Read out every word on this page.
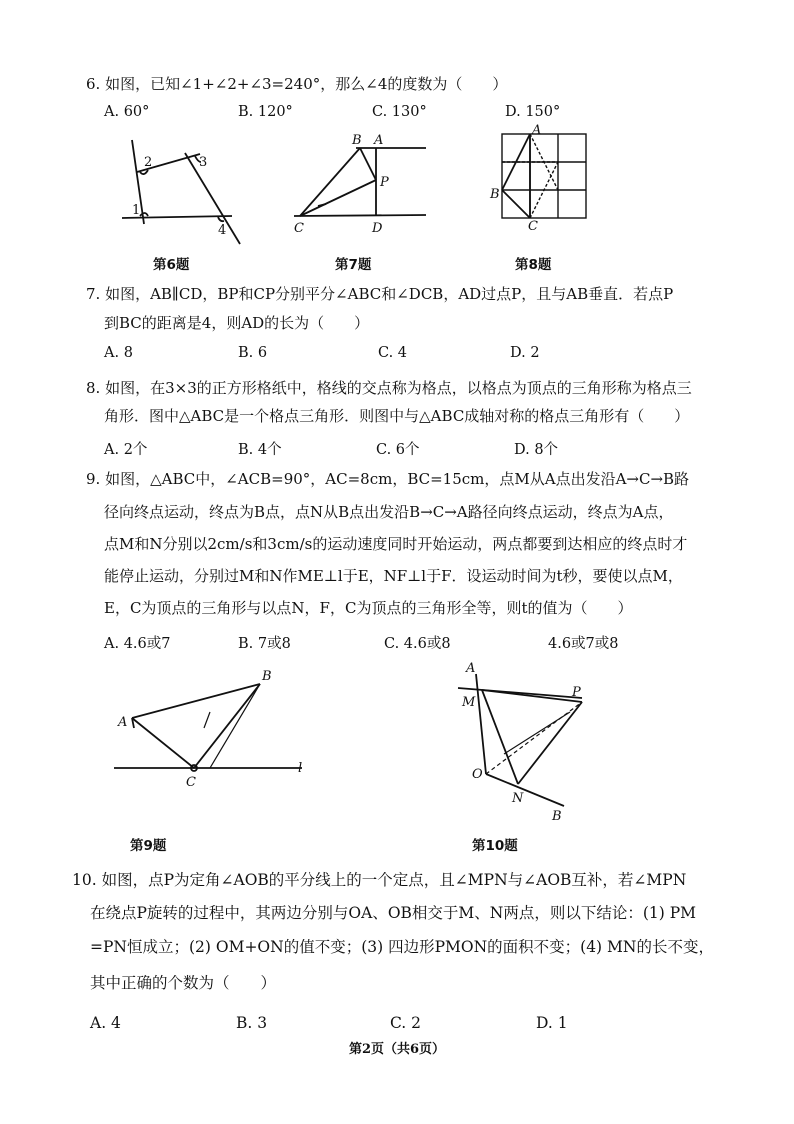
6. 如图，已知∠1+∠2+∠3=240°，那么∠4的度数为（　　）
A. 60°	B. 120°	C. 130°	D. 150°
1
2	3
4
B A
P
C	D
A
B
C
第6题	第7题	第8题
7. 如图，AB∥CD，BP和CP分别平分∠ABC和∠DCB，AD过点P，且与AB垂直．若点P
到BC的距离是4，则AD的长为（　　）
A. 8	B. 6	C. 4	D. 2
8. 如图，在3×3的正方形格纸中，格线的交点称为格点，以格点为顶点的三角形称为格点三
角形．图中△ABC是一个格点三角形．则图中与△ABC成轴对称的格点三角形有（　　）
A. 2个	B. 4个	C. 6个	D. 8个
9. 如图，△ABC中，∠ACB=90°，AC=8cm，BC=15cm，点M从A点出发沿A→C→B路
径向终点运动，终点为B点，点N从B点出发沿B→C→A路径向终点运动，终点为A点，
点M和N分别以2cm/s和3cm/s的运动速度同时开始运动，两点都要到达相应的终点时才
能停止运动，分别过M和N作ME⊥l于E，NF⊥l于F．设运动时间为t秒，要使以点M，
E，C为顶点的三角形与以点N，F，C为顶点的三角形全等，则t的值为（　　）
A. 4.6或7	B. 7或8	C. 4.6或8	4.6或7或8
B
A
C
l
A
M
P
O
N
B
第9题	第10题
10. 如图，点P为定角∠AOB的平分线上的一个定点，且∠MPN与∠AOB互补，若∠MPN
在绕点P旋转的过程中，其两边分别与OA、OB相交于M、N两点，则以下结论：(1) PM
=PN恒成立；(2) OM+ON的值不变；(3) 四边形PMON的面积不变；(4) MN的长不变，
其中正确的个数为（　　）
A. 4	B. 3	C. 2	D. 1
第2页（共6页）
